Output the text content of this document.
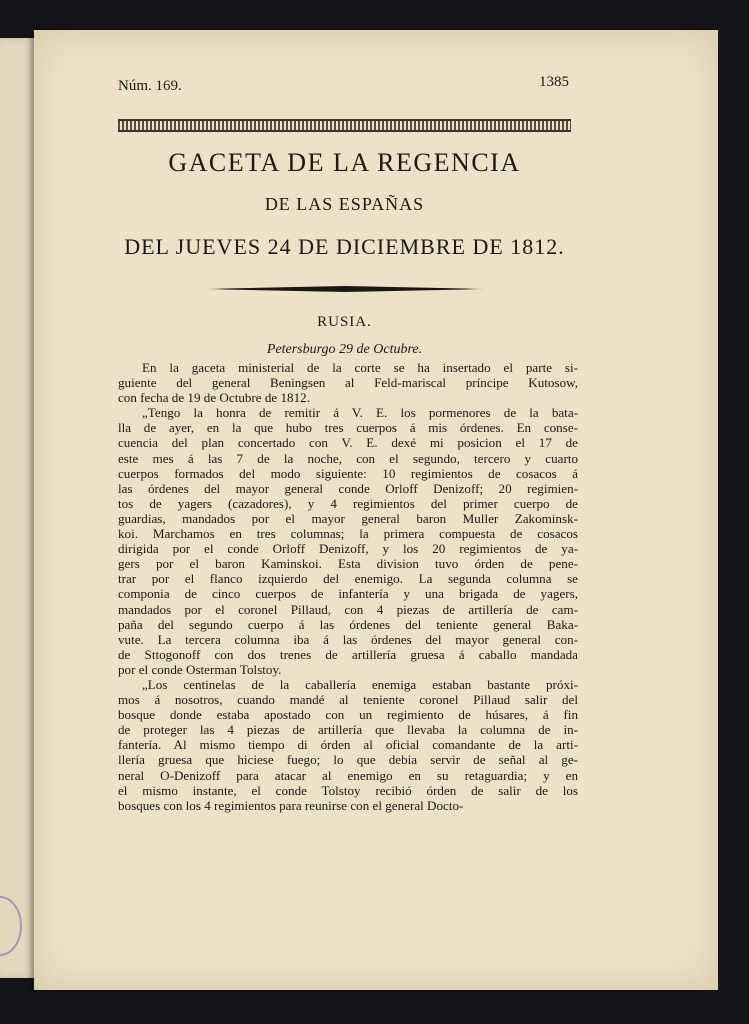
Núm. 169.	1385
GACETA DE LA REGENCIA
DE LAS ESPAÑAS
DEL JUEVES 24 DE DICIEMBRE DE 1812.
RUSIA.
Petersburgo 29 de Octubre.
En la gaceta ministerial de la corte se ha insertado el parte si-
guiente del general Beningsen al Feld-mariscal príncipe Kutosow,
con fecha de 19 de Octubre de 1812.
„Tengo la honra de remitir á V. E. los pormenores de la bata-
lla de ayer, en la que hubo tres cuerpos á mis órdenes. En conse-
cuencia del plan concertado con V. E. dexé mi posicion el 17 de
este mes á las 7 de la noche, con el segundo, tercero y cuarto
cuerpos formados del modo siguiente: 10 regimientos de cosacos á
las órdenes del mayor general conde Orloff Denizoff; 20 regimien-
tos de yagers (cazadores), y 4 regimientos del primer cuerpo de
guardias, mandados por el mayor general baron Muller Zakominsk-
koi. Marchamos en tres columnas; la primera compuesta de cosacos
dirigida por el conde Orloff Denizoff, y los 20 regimientos de ya-
gers por el baron Kaminskoi. Esta division tuvo órden de pene-
trar por el flanco izquierdo del enemigo. La segunda columna se
componia de cinco cuerpos de infantería y una brigada de yagers,
mandados por el coronel Pillaud, con 4 piezas de artillería de cam-
paña del segundo cuerpo á las órdenes del teniente general Baka-
vute. La tercera columna iba á las órdenes del mayor general con-
de Sttogonoff con dos trenes de artillería gruesa á caballo mandada
por el conde Osterman Tolstoy.
„Los centinelas de la caballería enemiga estaban bastante próxi-
mos á nosotros, cuando mandé al teniente coronel Pillaud salir del
bosque donde estaba apostado con un regimiento de húsares, á fin
de proteger las 4 piezas de artillería que llevaba la columna de in-
fantería. Al mismo tiempo di órden al oficial comandante de la arti-
llería gruesa que hiciese fuego; lo que debia servir de señal al ge-
neral O-Denizoff para atacar al enemigo en su retaguardia; y en
el mismo instante, el conde Tolstoy recibió órden de salir de los
bosques con los 4 regimientos para reunirse con el general Docto-
